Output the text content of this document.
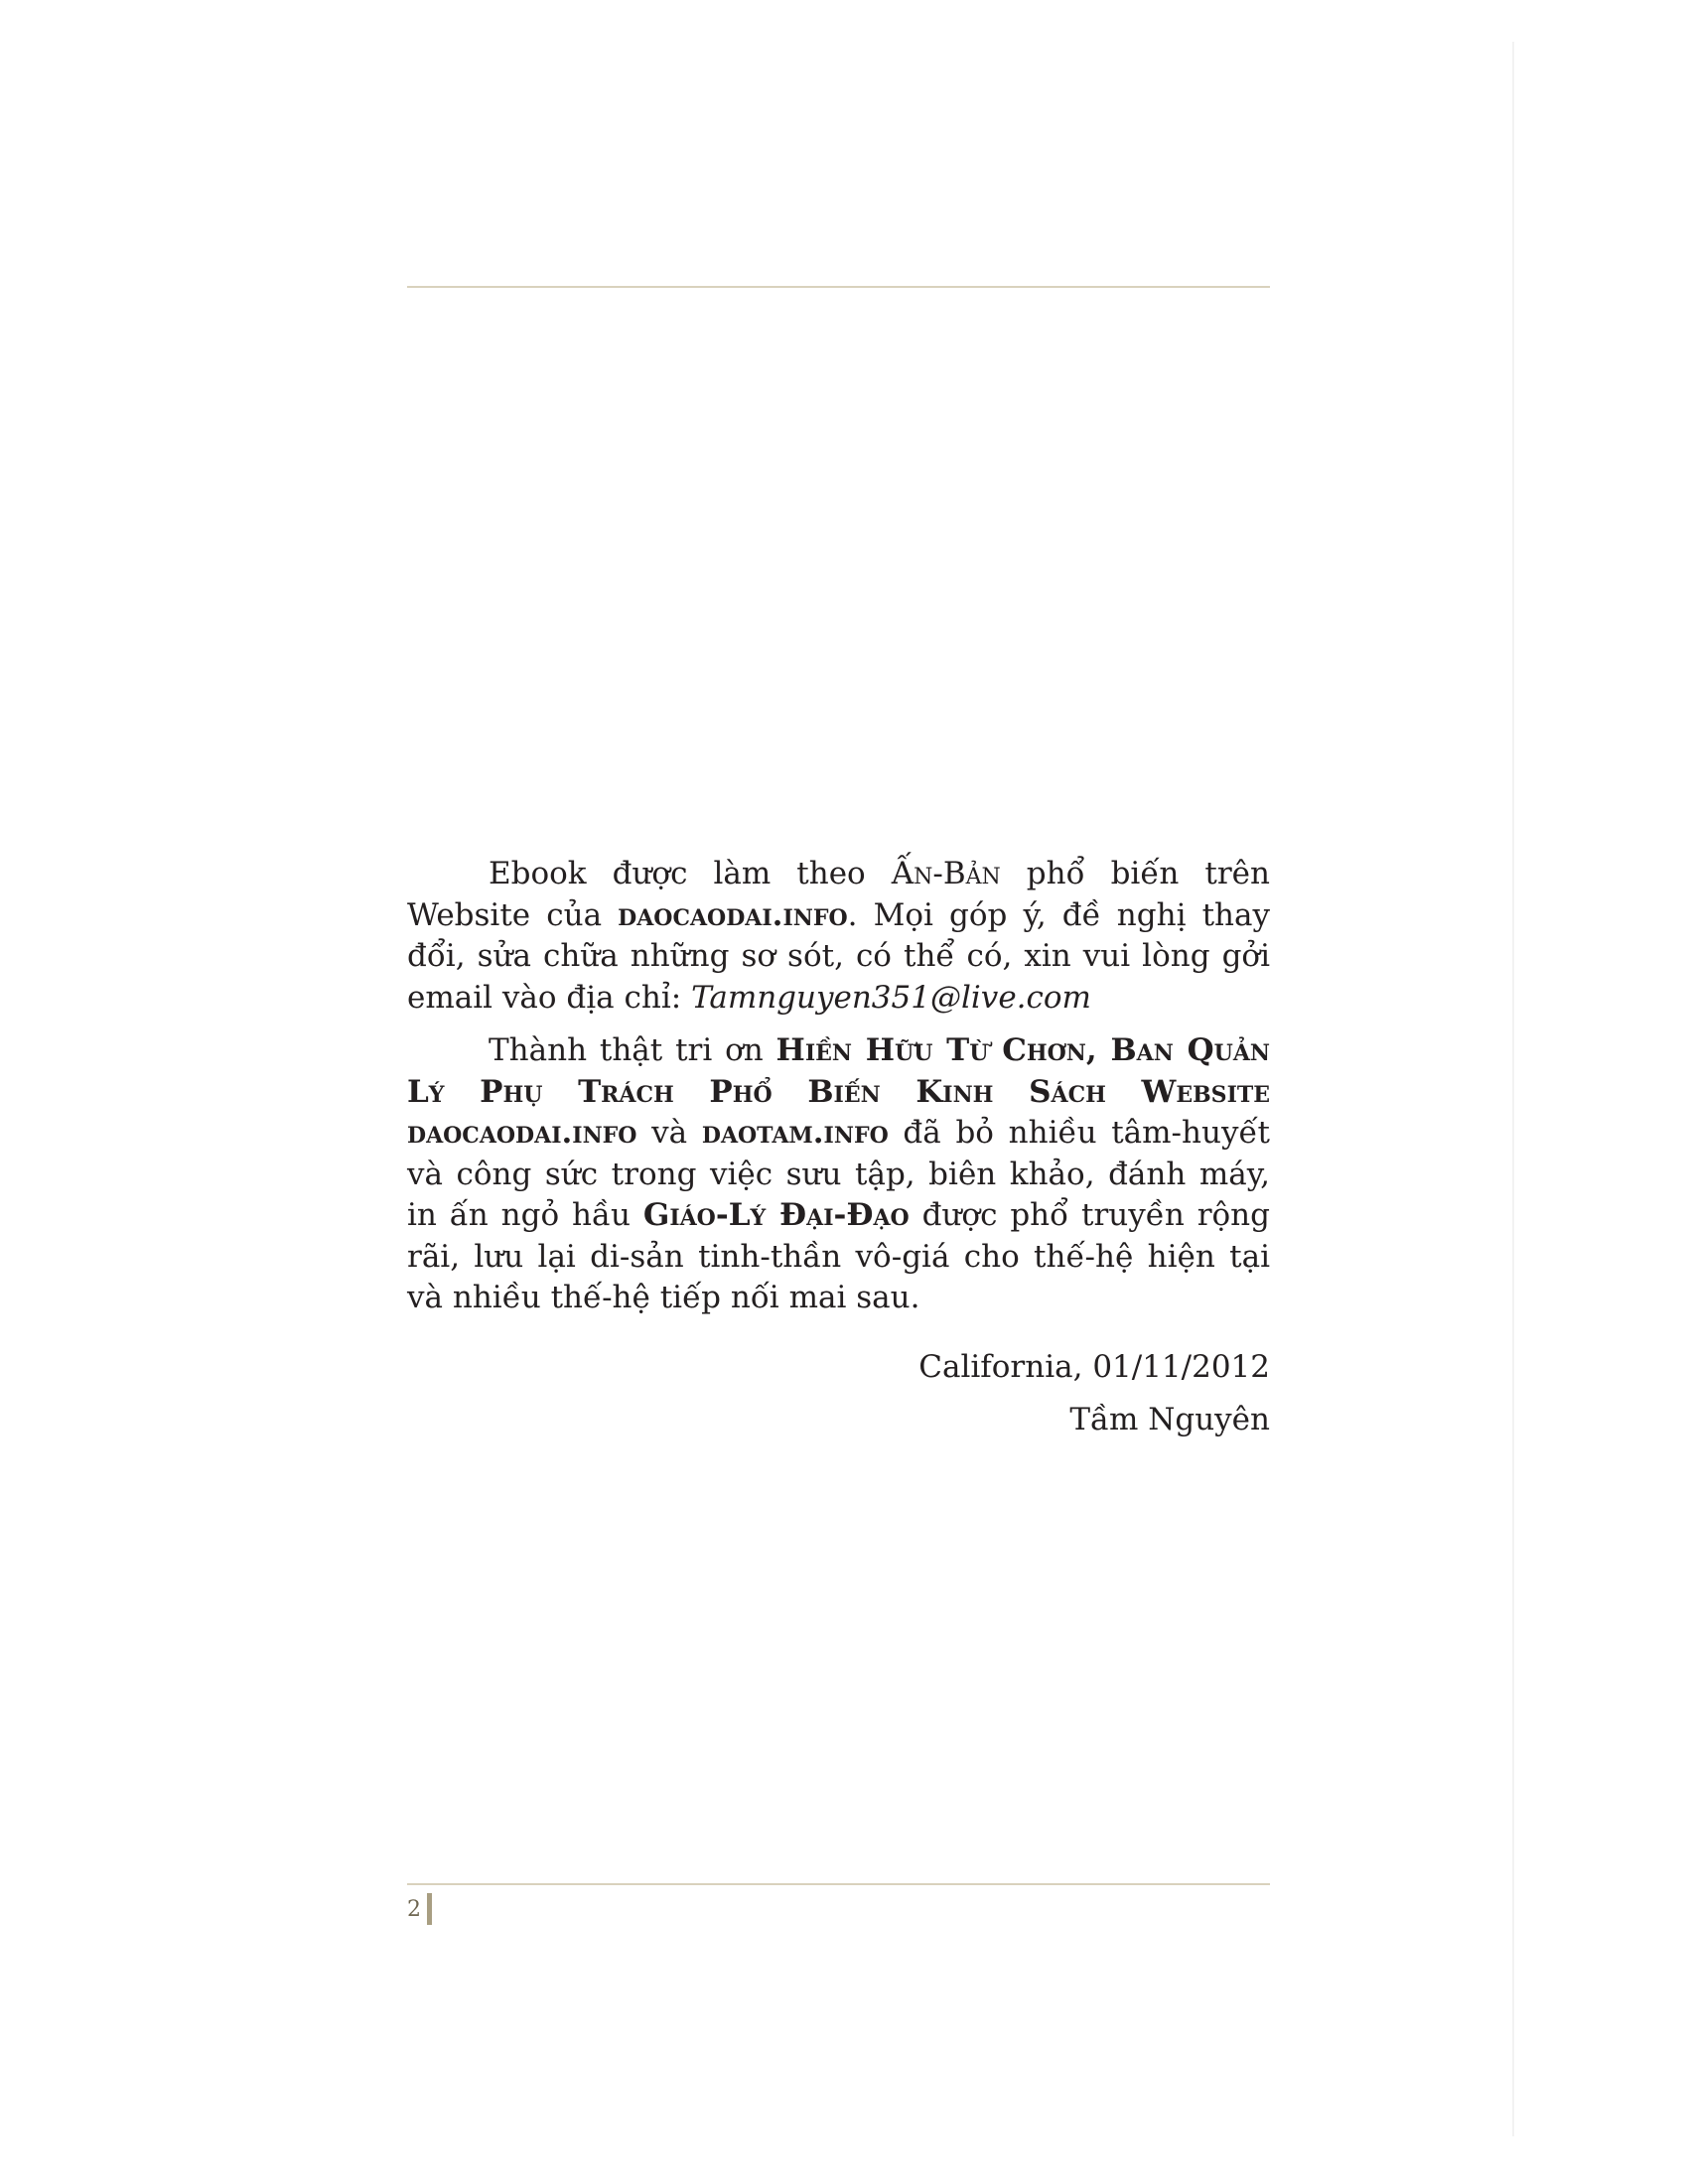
Ebook được làm theo Ấn-Bản phổ biến trên Website của daocaodai.info. Mọi góp ý, đề nghị thay đổi, sửa chữa những sơ sót, có thể có, xin vui lòng gởi email vào địa chỉ: Tamnguyen351@live.com

Thành thật tri ơn Hiền Hữu Từ Chơn, Ban Quản Lý Phụ Trách Phổ Biến Kinh Sách Website daocaodai.info và daotam.info đã bỏ nhiều tâm-huyết và công sức trong việc sưu tập, biên khảo, đánh máy, in ấn ngỏ hầu Giáo-Lý Đại-Đạo được phổ truyền rộng rãi, lưu lại di-sản tinh-thần vô-giá cho thế-hệ hiện tại và nhiều thế-hệ tiếp nối mai sau.

California, 01/11/2012
Tầm Nguyên
2
